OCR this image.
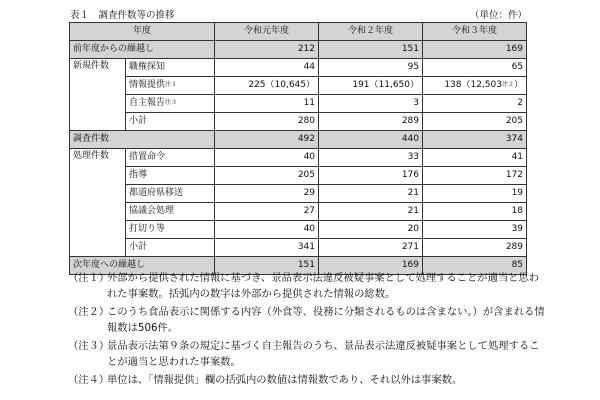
表１　調査件数等の推移	（単位：件）
年度		令和元年度	令和２年度	令和３年度
前年度からの繰越し		212	151	169
新規件数	職権探知	44	95	65
	情報提供$^{注1}$	225（10,645）	191（11,650）	138（12,503$^{注2}$）
	自主報告$^{注3}$	11	3	2
	小計	280	289	205
調査件数		492	440	374
処理件数	措置命令	40	33	41
	指導	205	176	172
	都道府県移送	29	21	19
	協議会処理	27	21	18
	打切り等	40	20	39
	小計	341	271	289
次年度への繰越し		151	169	85
（注１）
外部から提供された情報に基づき、景品表示法違反被疑事案として処理することが適当と思われた事案数。括弧内の数字は外部から提供された情報の総数。
（注２）
このうち食品表示に関係する内容（外食等、役務に分類されるものは含まない。）が含まれる情報数は506件。
（注３）
景品表示法第９条の規定に基づく自主報告のうち、景品表示法違反被疑事案として処理することが適当と思われた事案数。
（注４）
単位は、「情報提供」欄の括弧内の数値は情報数であり、それ以外は事案数。
